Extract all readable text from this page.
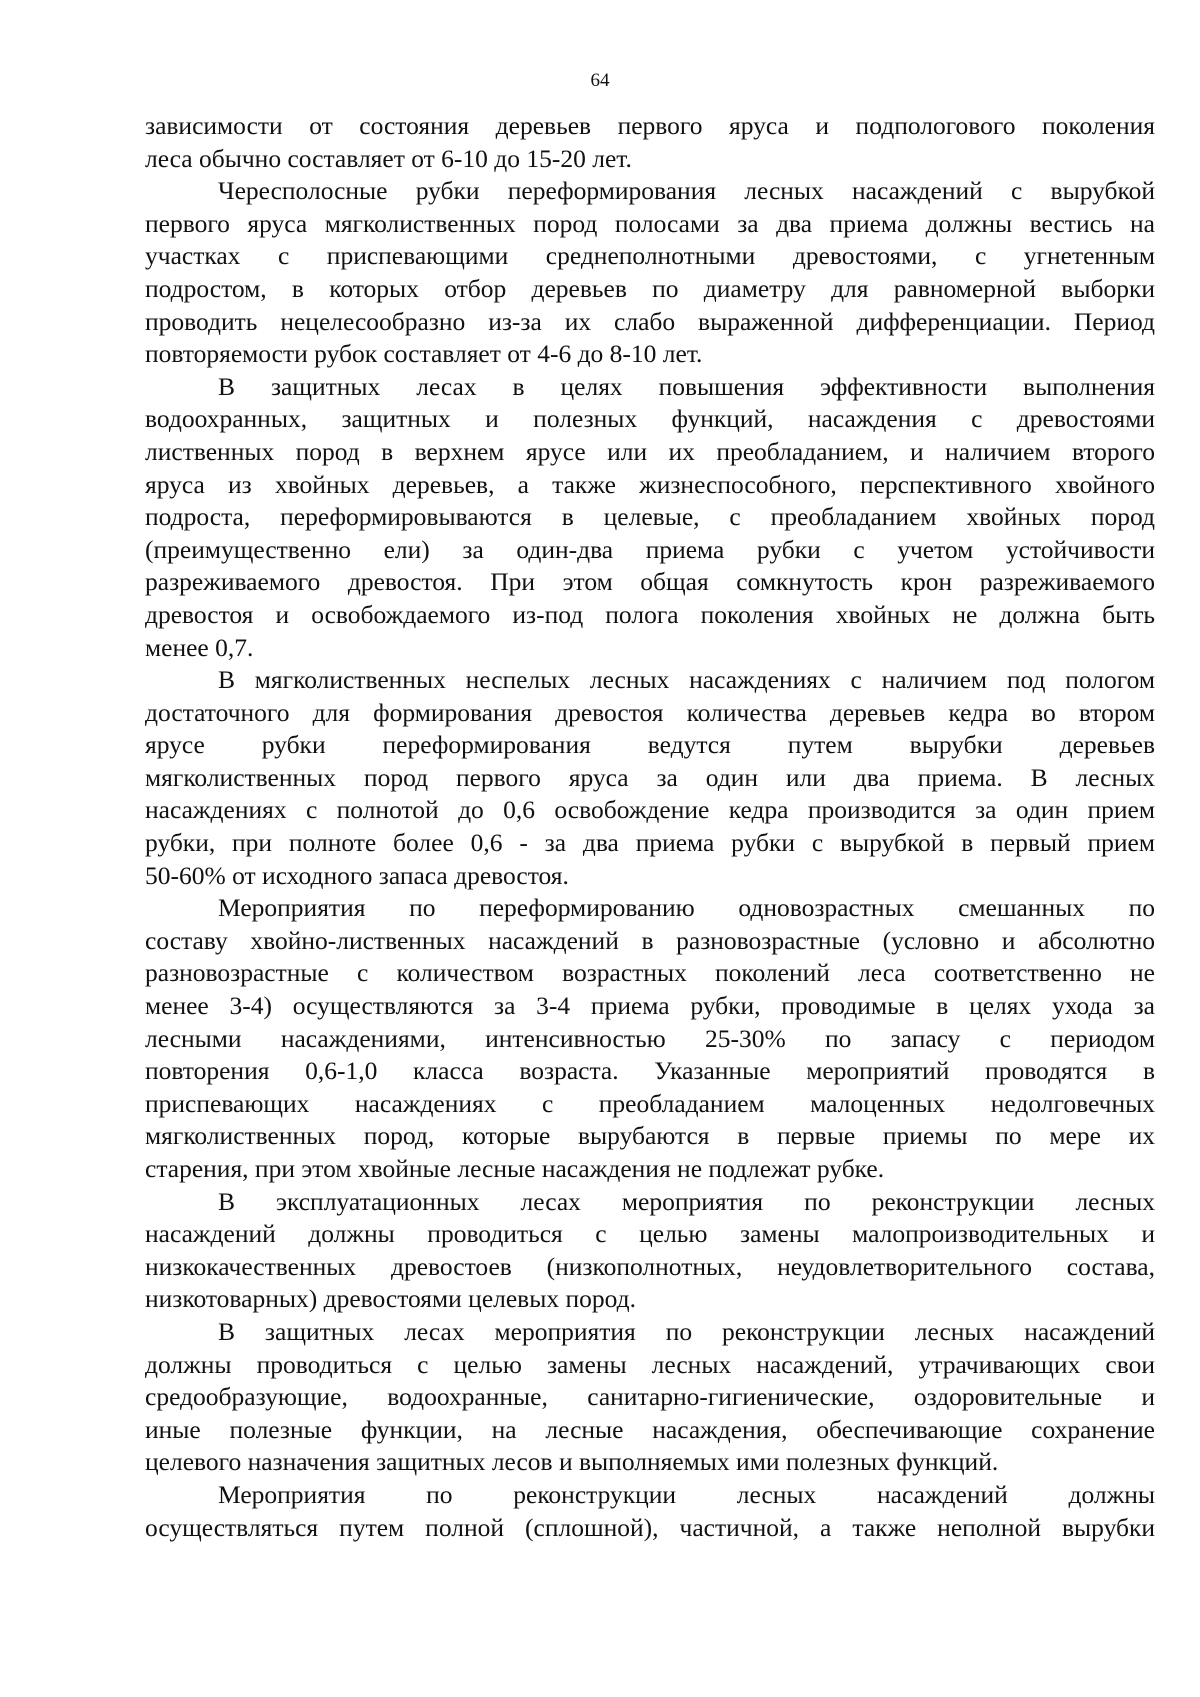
64
зависимости от состояния деревьев первого яруса и подпологового поколения
леса обычно составляет от 6-10 до 15-20 лет.
Чересполосные рубки переформирования лесных насаждений с вырубкой
первого яруса мягколиственных пород полосами за два приема должны вестись на
участках с приспевающими среднеполнотными древостоями, с угнетенным
подростом, в которых отбор деревьев по диаметру для равномерной выборки
проводить нецелесообразно из-за их слабо выраженной дифференциации. Период
повторяемости рубок составляет от 4-6 до 8-10 лет.
В защитных лесах в целях повышения эффективности выполнения
водоохранных, защитных и полезных функций, насаждения с древостоями
лиственных пород в верхнем ярусе или их преобладанием, и наличием второго
яруса из хвойных деревьев, а также жизнеспособного, перспективного хвойного
подроста, переформировываются в целевые, с преобладанием хвойных пород
(преимущественно ели) за один-два приема рубки с учетом устойчивости
разреживаемого древостоя. При этом общая сомкнутость крон разреживаемого
древостоя и освобождаемого из-под полога поколения хвойных не должна быть
менее 0,7.
В мягколиственных неспелых лесных насаждениях с наличием под пологом
достаточного для формирования древостоя количества деревьев кедра во втором
ярусе рубки переформирования ведутся путем вырубки деревьев
мягколиственных пород первого яруса за один или два приема. В лесных
насаждениях с полнотой до 0,6 освобождение кедра производится за один прием
рубки, при полноте более 0,6 - за два приема рубки с вырубкой в первый прием
50-60% от исходного запаса древостоя.
Мероприятия по переформированию одновозрастных смешанных по
составу хвойно-лиственных насаждений в разновозрастные (условно и абсолютно
разновозрастные с количеством возрастных поколений леса соответственно не
менее 3-4) осуществляются за 3-4 приема рубки, проводимые в целях ухода за
лесными насаждениями, интенсивностью 25-30% по запасу с периодом
повторения 0,6-1,0 класса возраста. Указанные мероприятий проводятся в
приспевающих насаждениях с преобладанием малоценных недолговечных
мягколиственных пород, которые вырубаются в первые приемы по мере их
старения, при этом хвойные лесные насаждения не подлежат рубке.
В эксплуатационных лесах мероприятия по реконструкции лесных
насаждений должны проводиться с целью замены малопроизводительных и
низкокачественных древостоев (низкополнотных, неудовлетворительного состава,
низкотоварных) древостоями целевых пород.
В защитных лесах мероприятия по реконструкции лесных насаждений
должны проводиться с целью замены лесных насаждений, утрачивающих свои
средообразующие, водоохранные, санитарно-гигиенические, оздоровительные и
иные полезные функции, на лесные насаждения, обеспечивающие сохранение
целевого назначения защитных лесов и выполняемых ими полезных функций.
Мероприятия по реконструкции лесных насаждений должны
осуществляться путем полной (сплошной), частичной, а также неполной вырубки
